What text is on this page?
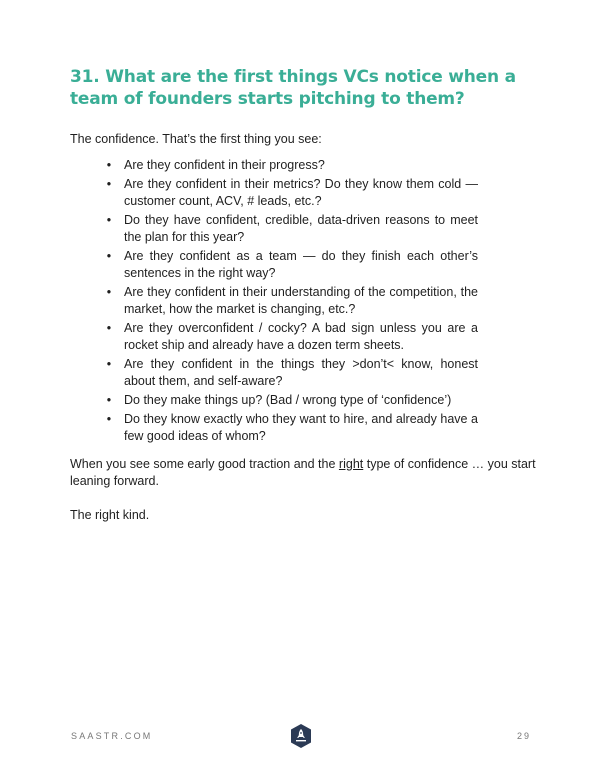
31. What are the first things VCs notice when a team of founders starts pitching to them?

The confidence. That’s the first thing you see:

• Are they confident in their progress?
• Are they confident in their metrics? Do they know them cold — customer count, ACV, # leads, etc.?
• Do they have confident, credible, data-driven reasons to meet the plan for this year?
• Are they confident as a team — do they finish each other’s sentences in the right way?
• Are they confident in their understanding of the competition, the market, how the market is changing, etc.?
• Are they overconfident / cocky? A bad sign unless you are a rocket ship and already have a dozen term sheets.
• Are they confident in the things they >don’t< know, honest about them, and self-aware?
• Do they make things up? (Bad / wrong type of ‘confidence’)
• Do they know exactly who they want to hire, and already have a few good ideas of whom?

When you see some early good traction and the right type of confidence … you start leaning forward.

The right kind.

SAASTR.COM	29
